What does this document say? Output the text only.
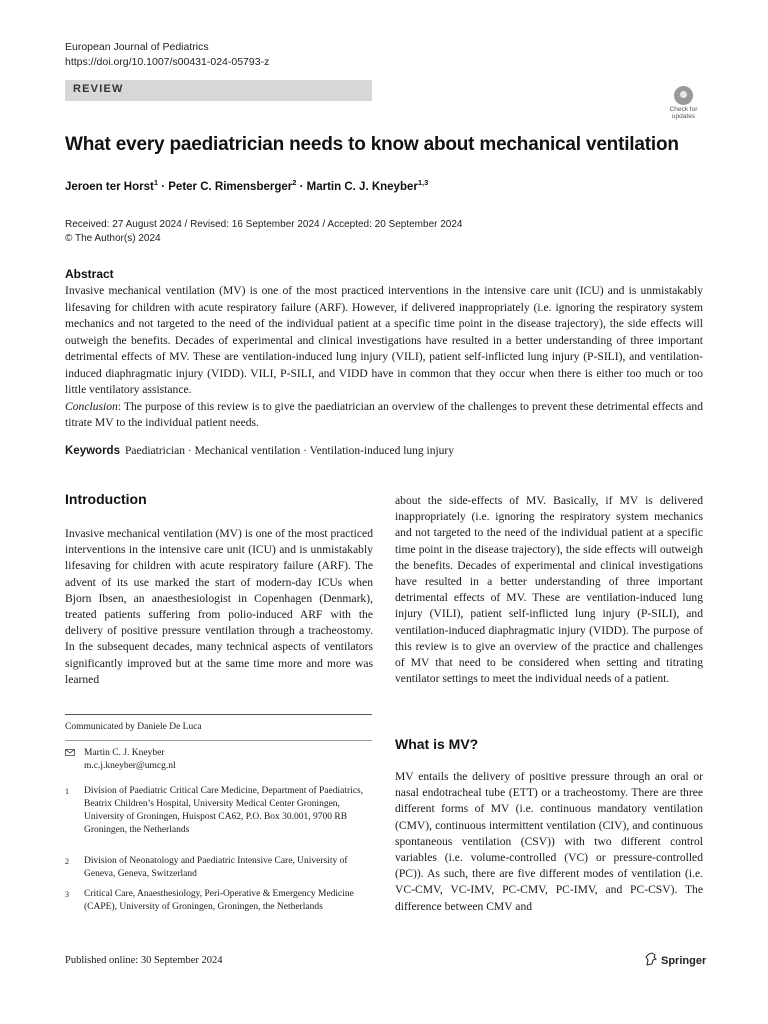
European Journal of Pediatrics
https://doi.org/10.1007/s00431-024-05793-z
REVIEW
Check for updates
What every paediatrician needs to know about mechanical ventilation
Jeroen ter Horst$^1$ · Peter C. Rimensberger$^2$ · Martin C. J. Kneyber$^{1,3}$
Received: 27 August 2024 / Revised: 16 September 2024 / Accepted: 20 September 2024
© The Author(s) 2024
Abstract

Invasive mechanical ventilation (MV) is one of the most practiced interventions in the intensive care unit (ICU) and is unmistakably lifesaving for children with acute respiratory failure (ARF). However, if delivered inappropriately (i.e. ignoring the respiratory system mechanics and not targeted to the need of the individual patient at a specific time point in the disease trajectory), the side effects will outweigh the benefits. Decades of experimental and clinical investigations have resulted in a better understanding of three important detrimental effects of MV. These are ventilation-induced lung injury (VILI), patient self-inflicted lung injury (P-SILI), and ventilation-induced diaphragmatic injury (VIDD). VILI, P-SILI, and VIDD have in common that they occur when there is either too much or too little ventilatory assistance.

Conclusion: The purpose of this review is to give the paediatrician an overview of the challenges to prevent these detrimental effects and titrate MV to the individual patient needs.

Keywords Paediatrician · Mechanical ventilation · Ventilation-induced lung injury
Introduction

Invasive mechanical ventilation (MV) is one of the most practiced interventions in the intensive care unit (ICU) and is unmistakably lifesaving for children with acute respiratory failure (ARF). The advent of its use marked the start of modern-day ICUs when Bjorn Ibsen, an anaesthesiologist in Copenhagen (Denmark), treated patients suffering from polio-induced ARF with the delivery of positive pressure ventilation through a tracheostomy. In the subsequent decades, many technical aspects of ventilators significantly improved but at the same time more and more was learned

Communicated by Daniele De Luca
Martin C. J. Kneyber
m.c.j.kneyber@umcg.nl
1 Division of Paediatric Critical Care Medicine, Department of Paediatrics, Beatrix Children’s Hospital, University Medical Center Groningen, University of Groningen, Huispost CA62, P.O. Box 30.001, 9700 RB Groningen, the Netherlands
2 Division of Neonatology and Paediatric Intensive Care, University of Geneva, Geneva, Switzerland
3 Critical Care, Anaesthesiology, Peri-Operative & Emergency Medicine (CAPE), University of Groningen, Groningen, the Netherlands

about the side-effects of MV. Basically, if MV is delivered inappropriately (i.e. ignoring the respiratory system mechanics and not targeted to the need of the individual patient at a specific time point in the disease trajectory), the side effects will outweigh the benefits. Decades of experimental and clinical investigations have resulted in a better understanding of three important detrimental effects of MV. These are ventilation-induced lung injury (VILI), patient self-inflicted lung injury (P-SILI), and ventilation-induced diaphragmatic injury (VIDD). The purpose of this review is to give an overview of the practice and challenges of MV that need to be considered when setting and titrating ventilator settings to meet the individual needs of a patient.

What is MV?

MV entails the delivery of positive pressure through an oral or nasal endotracheal tube (ETT) or a tracheostomy. There are three different forms of MV (i.e. continuous mandatory ventilation (CMV), continuous intermittent ventilation (CIV), and continuous spontaneous ventilation (CSV)) with two different control variables (i.e. volume-controlled (VC) or pressure-controlled (PC)). As such, there are five different modes of ventilation (i.e. VC-CMV, VC-IMV, PC-CMV, PC-IMV, and PC-CSV). The difference between CMV and

Published online: 30 September 2024	Springer
